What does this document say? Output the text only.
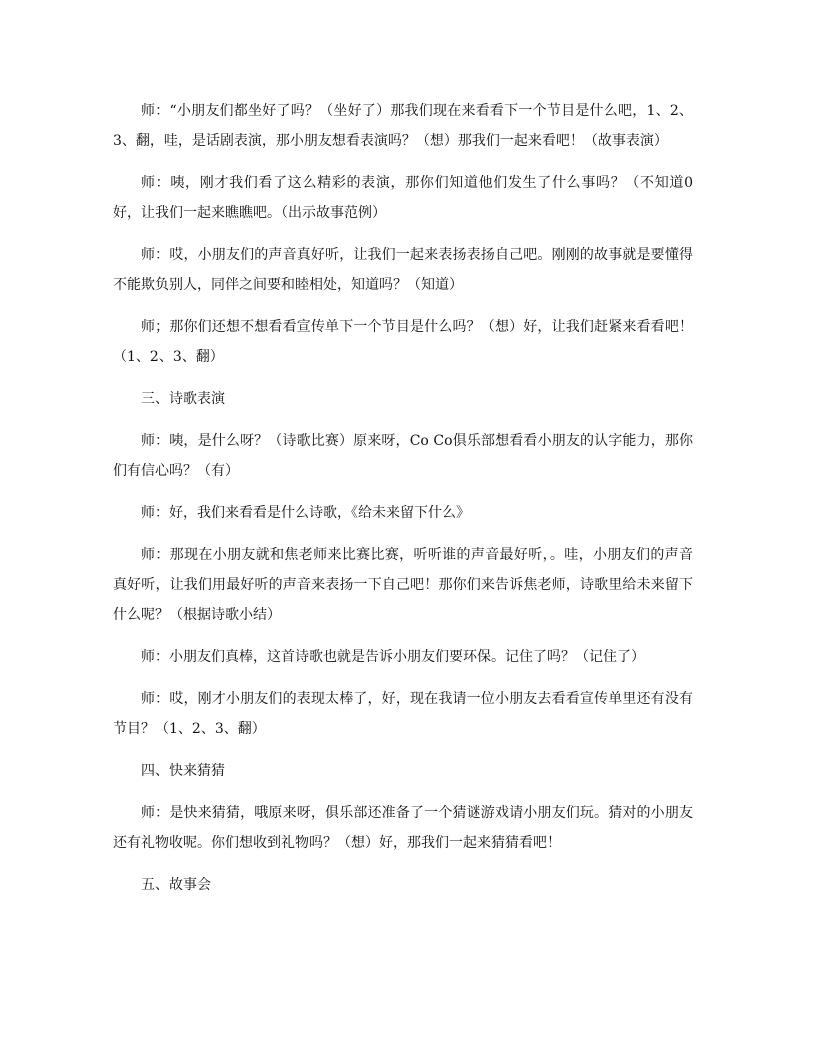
师：“小朋友们都坐好了吗？（坐好了）那我们现在来看看下一个节目是什么吧，1、2、3、翻，哇，是话剧表演，那小朋友想看表演吗？（想）那我们一起来看吧！（故事表演）

师：咦，刚才我们看了这么精彩的表演，那你们知道他们发生了什么事吗？（不知道0好，让我们一起来瞧瞧吧。（出示故事范例）

师：哎，小朋友们的声音真好听，让我们一起来表扬表扬自己吧。刚刚的故事就是要懂得不能欺负别人，同伴之间要和睦相处，知道吗？（知道）

师；那你们还想不想看看宣传单下一个节目是什么吗？（想）好，让我们赶紧来看看吧！（1、2、3、翻）

三、诗歌表演

师：咦，是什么呀？（诗歌比赛）原来呀，Co Co俱乐部想看看小朋友的认字能力，那你们有信心吗？（有）

师：好，我们来看看是什么诗歌，《给未来留下什么》

师：那现在小朋友就和焦老师来比赛比赛，听听谁的声音最好听，。哇，小朋友们的声音真好听，让我们用最好听的声音来表扬一下自己吧！那你们来告诉焦老师，诗歌里给未来留下什么呢？（根据诗歌小结）

师：小朋友们真棒，这首诗歌也就是告诉小朋友们要环保。记住了吗？（记住了）

师：哎，刚才小朋友们的表现太棒了，好，现在我请一位小朋友去看看宣传单里还有没有节目？（1、2、3、翻）

四、快来猜猜

师：是快来猜猜，哦原来呀，俱乐部还准备了一个猜谜游戏请小朋友们玩。猜对的小朋友还有礼物收呢。你们想收到礼物吗？（想）好，那我们一起来猜猜看吧！

五、故事会
